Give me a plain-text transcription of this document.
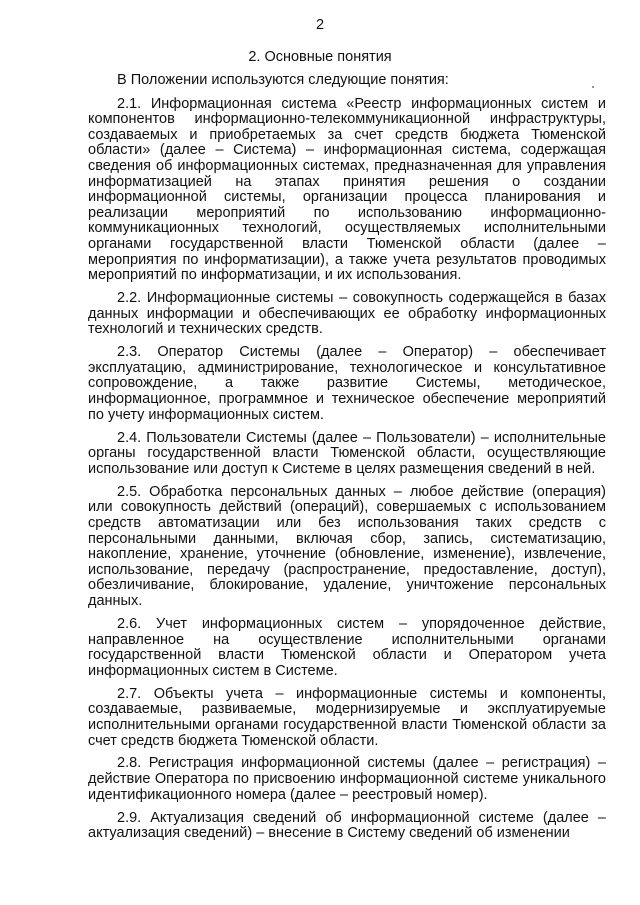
2
2. Основные понятия

В Положении используются следующие понятия:

2.1. Информационная система «Реестр информационных систем и компонентов информационно-телекоммуникационной инфраструктуры, создаваемых и приобретаемых за счет средств бюджета Тюменской области» (далее – Система) – информационная система, содержащая сведения об информационных системах, предназначенная для управления информатизацией на этапах принятия решения о создании информационной системы, организации процесса планирования и реализации мероприятий по использованию информационно-коммуникационных технологий, осуществляемых исполнительными органами государственной власти Тюменской области (далее – мероприятия по информатизации), а также учета результатов проводимых мероприятий по информатизации, и их использования.

2.2. Информационные системы – совокупность содержащейся в базах данных информации и обеспечивающих ее обработку информационных технологий и технических средств.

2.3. Оператор Системы (далее – Оператор) – обеспечивает эксплуатацию, администрирование, технологическое и консультативное сопровождение, а также развитие Системы, методическое, информационное, программное и техническое обеспечение мероприятий по учету информационных систем.

2.4. Пользователи Системы (далее – Пользователи) – исполнительные органы государственной власти Тюменской области, осуществляющие использование или доступ к Системе в целях размещения сведений в ней.

2.5. Обработка персональных данных – любое действие (операция) или совокупность действий (операций), совершаемых с использованием средств автоматизации или без использования таких средств с персональными данными, включая сбор, запись, систематизацию, накопление, хранение, уточнение (обновление, изменение), извлечение, использование, передачу (распространение, предоставление, доступ), обезличивание, блокирование, удаление, уничтожение персональных данных.

2.6. Учет информационных систем – упорядоченное действие, направленное на осуществление исполнительными органами государственной власти Тюменской области и Оператором учета информационных систем в Системе.

2.7. Объекты учета – информационные системы и компоненты, создаваемые, развиваемые, модернизируемые и эксплуатируемые исполнительными органами государственной власти Тюменской области за счет средств бюджета Тюменской области.

2.8. Регистрация информационной системы (далее – регистрация) – действие Оператора по присвоению информационной системе уникального идентификационного номера (далее – реестровый номер).

2.9. Актуализация сведений об информационной системе (далее – актуализация сведений) – внесение в Систему сведений об изменении
